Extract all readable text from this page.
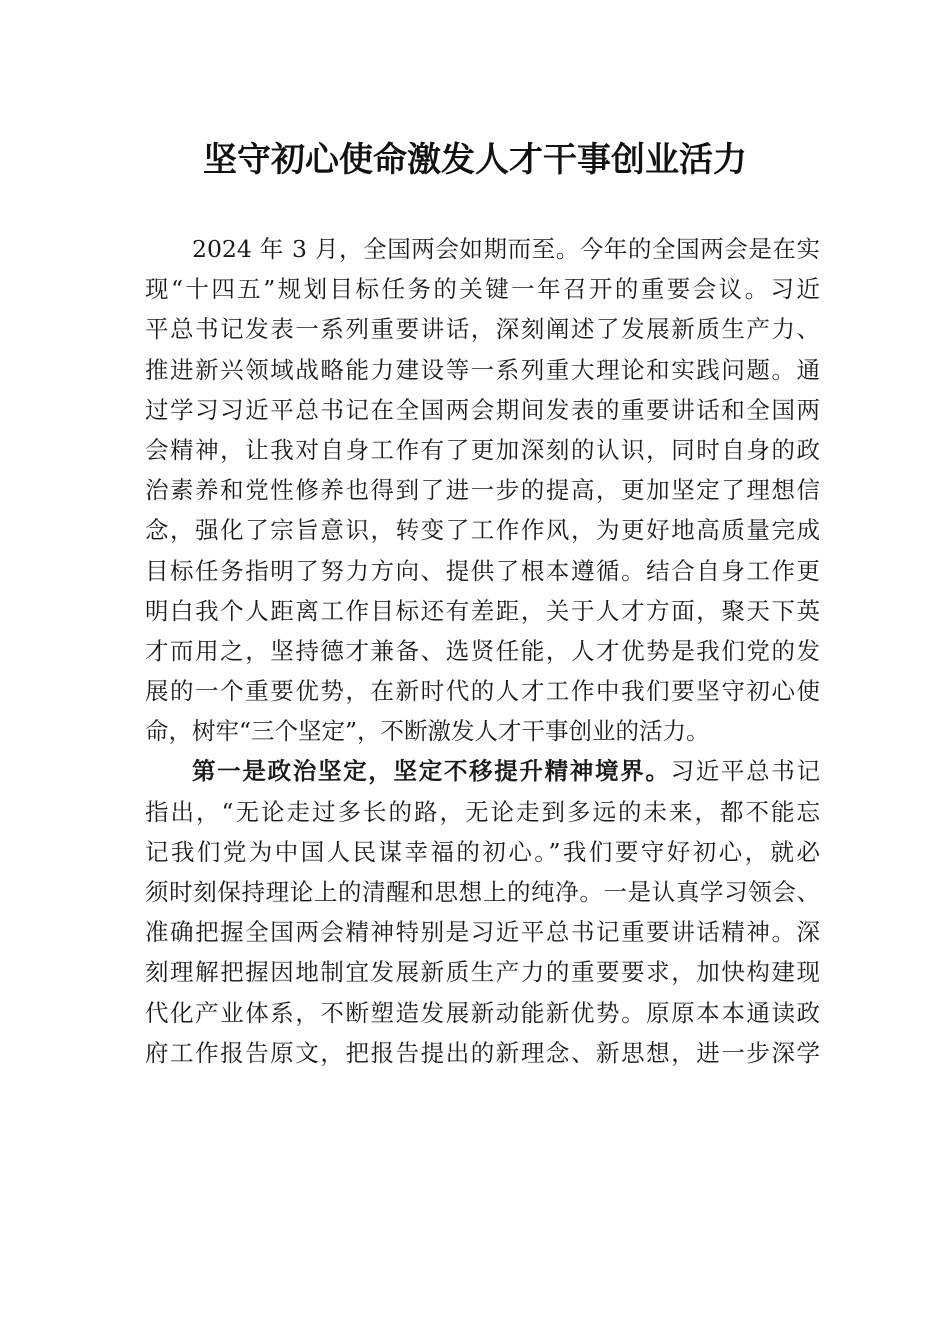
坚守初心使命激发人才干事创业活力
2024 年 3 月，全国两会如期而至。今年的全国两会是在实
现“十四五”规划目标任务的关键一年召开的重要会议。习近
平总书记发表一系列重要讲话，深刻阐述了发展新质生产力、
推进新兴领域战略能力建设等一系列重大理论和实践问题。通
过学习习近平总书记在全国两会期间发表的重要讲话和全国两
会精神，让我对自身工作有了更加深刻的认识，同时自身的政
治素养和党性修养也得到了进一步的提高，更加坚定了理想信
念，强化了宗旨意识，转变了工作作风，为更好地高质量完成
目标任务指明了努力方向、提供了根本遵循。结合自身工作更
明白我个人距离工作目标还有差距，关于人才方面，聚天下英
才而用之，坚持德才兼备、选贤任能，人才优势是我们党的发
展的一个重要优势，在新时代的人才工作中我们要坚守初心使
命，树牢“三个坚定”，不断激发人才干事创业的活力。
第一是政治坚定，坚定不移提升精神境界。习近平总书记
指出，“无论走过多长的路，无论走到多远的未来，都不能忘
记我们党为中国人民谋幸福的初心。”我们要守好初心，就必
须时刻保持理论上的清醒和思想上的纯净。一是认真学习领会、
准确把握全国两会精神特别是习近平总书记重要讲话精神。深
刻理解把握因地制宜发展新质生产力的重要要求，加快构建现
代化产业体系，不断塑造发展新动能新优势。原原本本通读政
府工作报告原文，把报告提出的新理念、新思想，进一步深学
